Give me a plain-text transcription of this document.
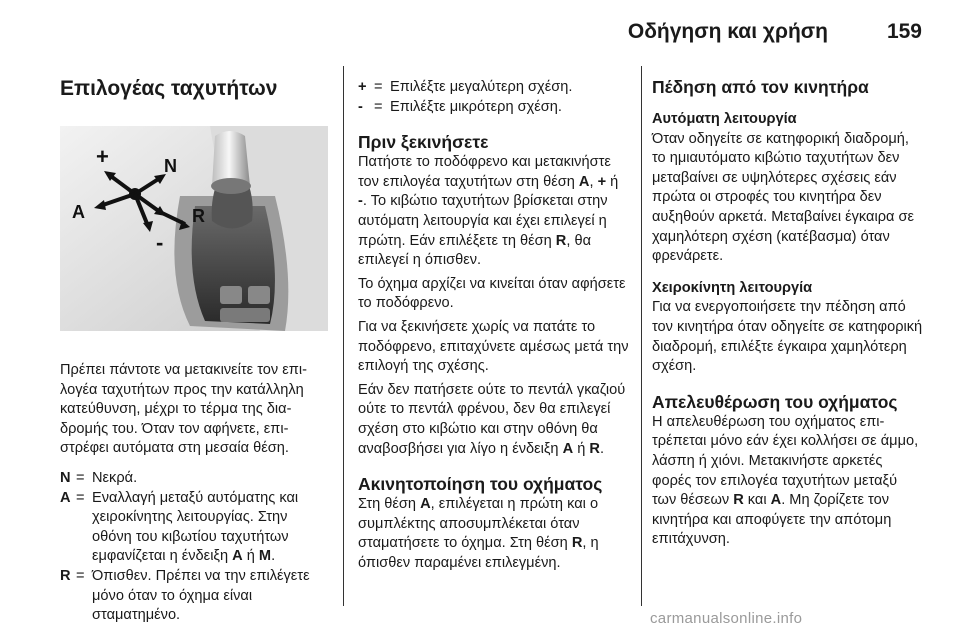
Οδήγηση και χρήση	159
Επιλογέας ταχυτήτων
+	N
A	R
-

Πρέπει πάντοτε να μετακινείτε τον επιλογέα ταχυτήτων προς την κατάλληλη κατεύθυνση, μέχρι το τέρμα της διαδρομής του. Όταν τον αφήνετε, επιστρέφει αυτόματα στη μεσαία θέση.

N = Νεκρά.
A = Εναλλαγή μεταξύ αυτόματης και χειροκίνητης λειτουργίας. Στην οθόνη του κιβωτίου ταχυτήτων εμφανίζεται η ένδειξη A ή M.
R = Όπισθεν. Πρέπει να την επιλέγετε μόνο όταν το όχημα είναι σταματημένο.
+ = Επιλέξτε μεγαλύτερη σχέση.
- = Επιλέξτε μικρότερη σχέση.
Πριν ξεκινήσετε

Πατήστε το ποδόφρενο και μετακινήστε τον επιλογέα ταχυτήτων στη θέση A, + ή -. Το κιβώτιο ταχυτήτων βρίσκεται στην αυτόματη λειτουργία και έχει επιλεγεί η πρώτη. Εάν επιλέξετε τη θέση R, θα επιλεγεί η όπισθεν.

Το όχημα αρχίζει να κινείται όταν αφήσετε το ποδόφρενο.

Για να ξεκινήσετε χωρίς να πατάτε το ποδόφρενο, επιταχύνετε αμέσως μετά την επιλογή της σχέσης.

Εάν δεν πατήσετε ούτε το πεντάλ γκαζιού ούτε το πεντάλ φρένου, δεν θα επιλεγεί σχέση στο κιβώτιο και στην οθόνη θα αναβοσβήσει για λίγο η ένδειξη A ή R.

Ακινητοποίηση του οχήματος

Στη θέση A, επιλέγεται η πρώτη και ο συμπλέκτης αποσυμπλέκεται όταν σταματήσετε το όχημα. Στη θέση R, η όπισθεν παραμένει επιλεγμένη.

Πέδηση από τον κινητήρα
Αυτόματη λειτουργία

Όταν οδηγείτε σε κατηφορική διαδρομή, το ημιαυτόματο κιβώτιο ταχυτήτων δεν μεταβαίνει σε υψηλότερες σχέσεις εάν πρώτα οι στροφές του κινητήρα δεν αυξηθούν αρκετά. Μεταβαίνει έγκαιρα σε χαμηλότερη σχέση (κατέβασμα) όταν φρενάρετε.

Χειροκίνητη λειτουργία

Για να ενεργοποιήσετε την πέδηση από τον κινητήρα όταν οδηγείτε σε κατηφορική διαδρομή, επιλέξτε έγκαιρα χαμηλότερη σχέση.

Απελευθέρωση του οχήματος

Η απελευθέρωση του οχήματος επιτρέπεται μόνο εάν έχει κολλήσει σε άμμο, λάσπη ή χιόνι. Μετακινήστε αρκετές φορές τον επιλογέα ταχυτήτων μεταξύ των θέσεων R και A. Μη ζορίζετε τον κινητήρα και αποφύγετε την απότομη επιτάχυνση.

carmanualsonline.info
